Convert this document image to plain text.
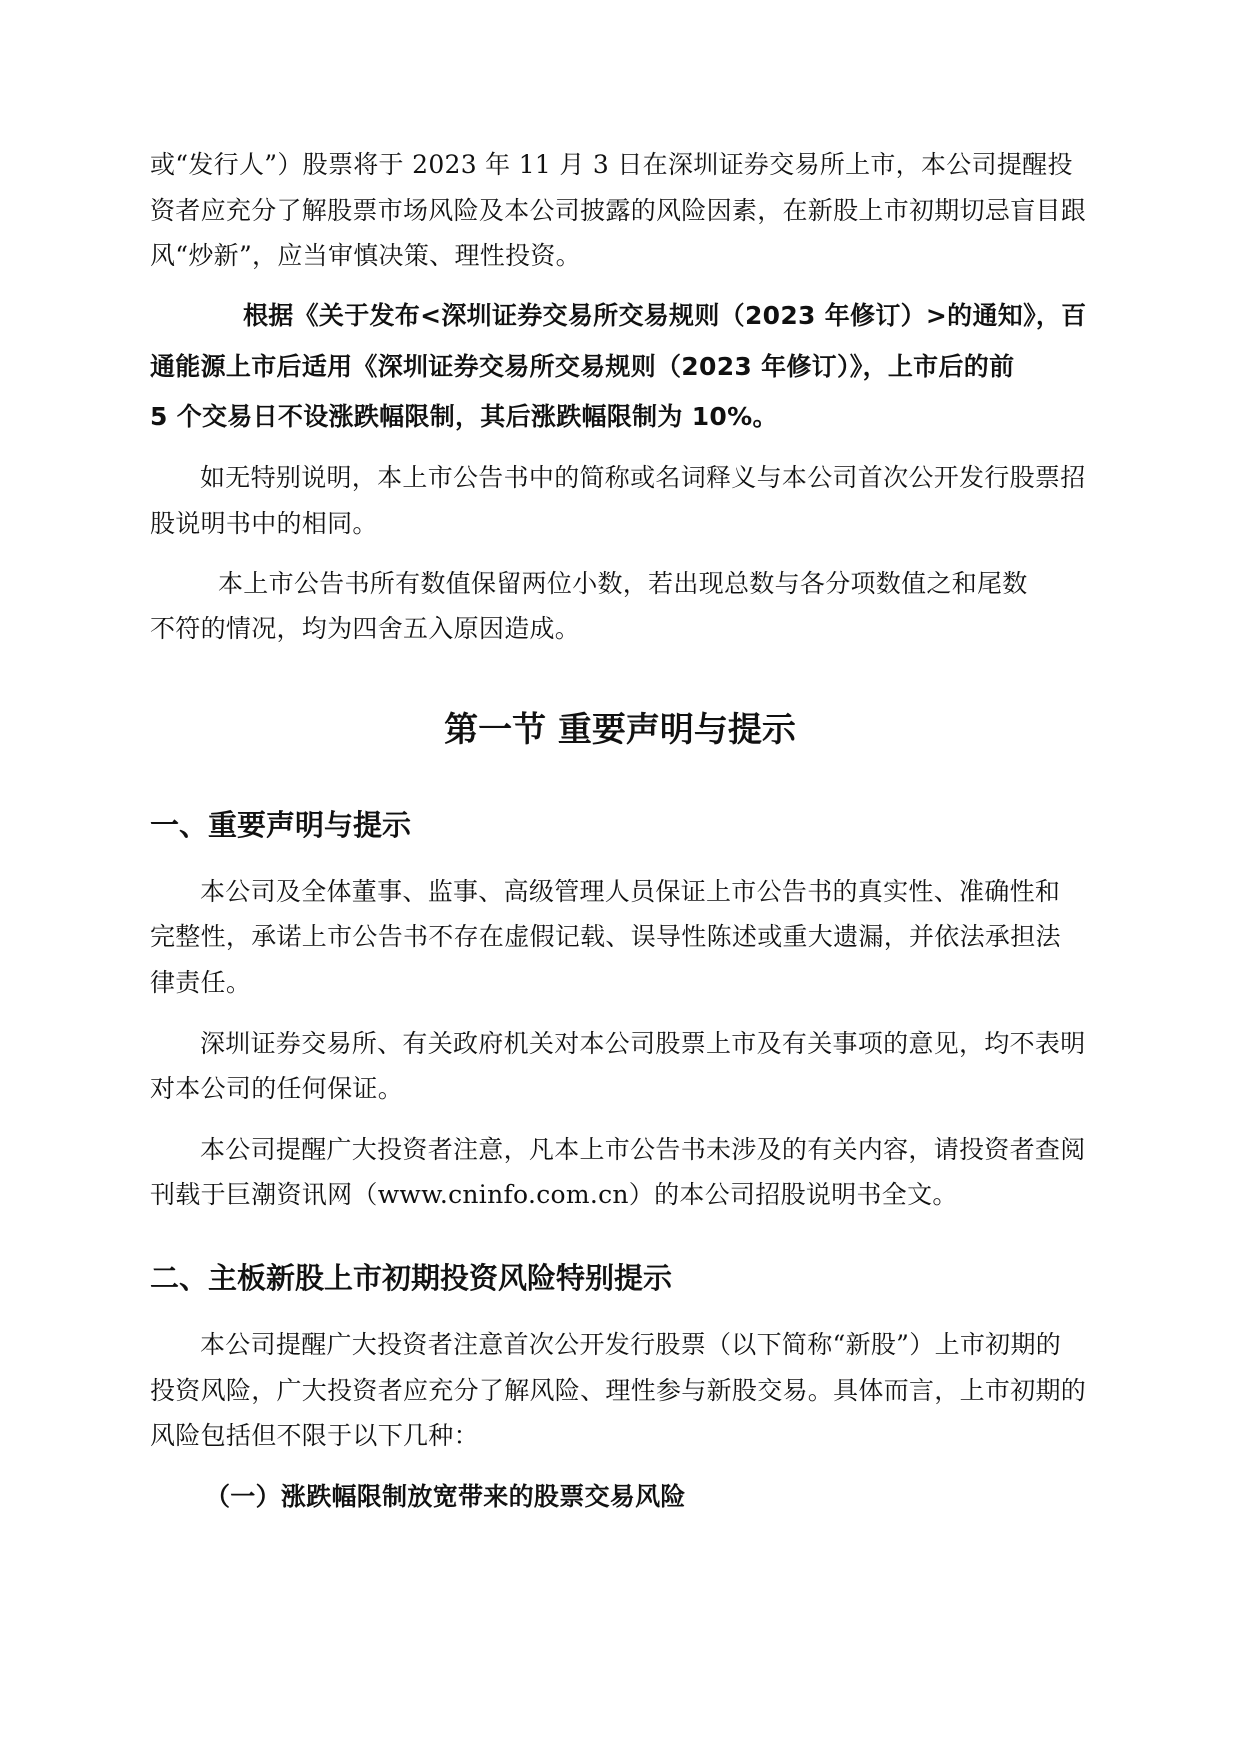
或“发行人”）股票将于 2023 年 11 月 3 日在深圳证券交易所上市，本公司提醒投
资者应充分了解股票市场风险及本公司披露的风险因素，在新股上市初期切忌盲目跟
风“炒新”，应当审慎决策、理性投资。
根据《关于发布<深圳证券交易所交易规则（2023 年修订）>的通知》，百
通能源上市后适用《深圳证券交易所交易规则（2023 年修订）》，上市后的前
5 个交易日不设涨跌幅限制，其后涨跌幅限制为 10%。
如无特别说明，本上市公告书中的简称或名词释义与本公司首次公开发行股票招
股说明书中的相同。
本上市公告书所有数值保留两位小数，若出现总数与各分项数值之和尾数
不符的情况，均为四舍五入原因造成。
第一节 重要声明与提示
一、重要声明与提示
本公司及全体董事、监事、高级管理人员保证上市公告书的真实性、准确性和
完整性，承诺上市公告书不存在虚假记载、误导性陈述或重大遗漏，并依法承担法
律责任。
深圳证券交易所、有关政府机关对本公司股票上市及有关事项的意见，均不表明
对本公司的任何保证。
本公司提醒广大投资者注意，凡本上市公告书未涉及的有关内容，请投资者查阅
刊载于巨潮资讯网（www.cninfo.com.cn）的本公司招股说明书全文。
二、主板新股上市初期投资风险特别提示
本公司提醒广大投资者注意首次公开发行股票（以下简称“新股”）上市初期的
投资风险，广大投资者应充分了解风险、理性参与新股交易。具体而言，上市初期的
风险包括但不限于以下几种：
（一）涨跌幅限制放宽带来的股票交易风险
